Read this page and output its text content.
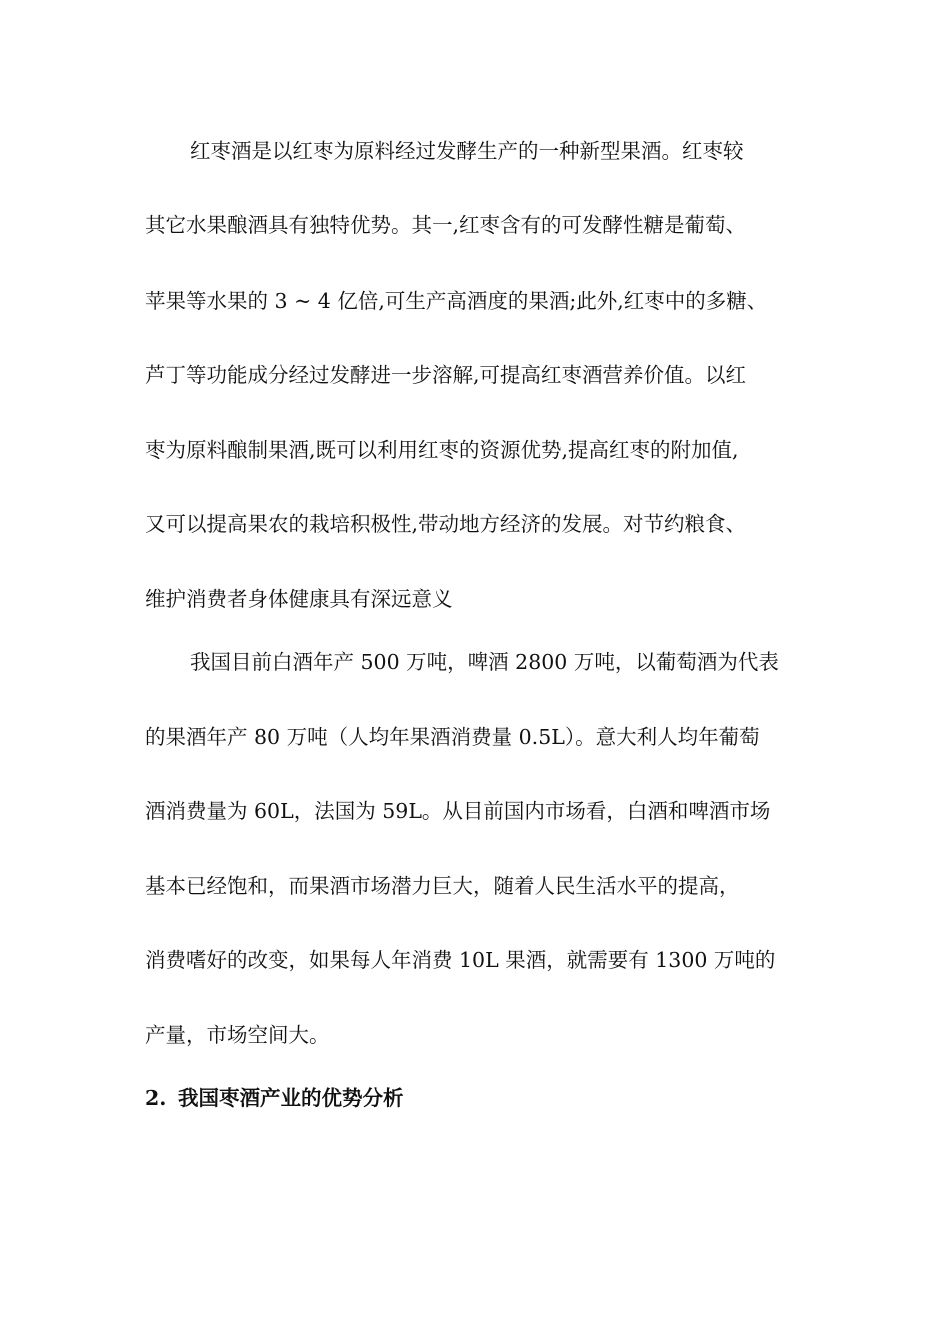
红枣酒是以红枣为原料经过发酵生产的一种新型果酒。红枣较
其它水果酿酒具有独特优势。其一,红枣含有的可发酵性糖是葡萄、
苹果等水果的 3 ~ 4 亿倍,可生产高酒度的果酒;此外,红枣中的多糖、
芦丁等功能成分经过发酵进一步溶解,可提高红枣酒营养价值。以红
枣为原料酿制果酒,既可以利用红枣的资源优势,提高红枣的附加值,
又可以提高果农的栽培积极性,带动地方经济的发展。对节约粮食、
维护消费者身体健康具有深远意义
我国目前白酒年产 500 万吨，啤酒 2800 万吨，以葡萄酒为代表
的果酒年产 80 万吨（人均年果酒消费量 0.5L）。意大利人均年葡萄
酒消费量为 60L，法国为 59L。从目前国内市场看，白酒和啤酒市场
基本已经饱和，而果酒市场潜力巨大，随着人民生活水平的提高，
消费嗜好的改变，如果每人年消费 10L 果酒，就需要有 1300 万吨的
产量，市场空间大。
2. 我国枣酒产业的优势分析
